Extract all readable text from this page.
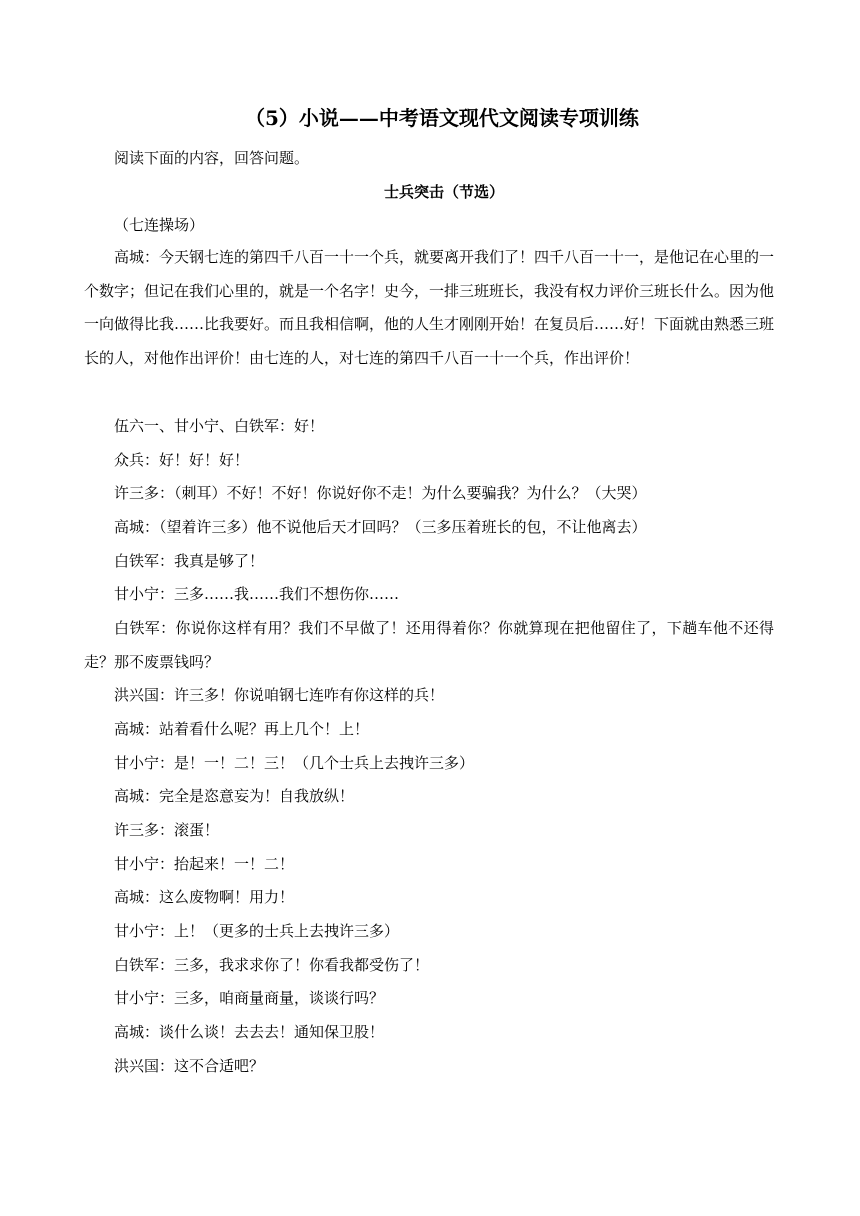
（5）小说——中考语文现代文阅读专项训练
阅读下面的内容，回答问题。
士兵突击（节选）
（七连操场）
高城：今天钢七连的第四千八百一十一个兵，就要离开我们了！四千八百一十一，是他记在心里的一个数字；但记在我们心里的，就是一个名字！史今，一排三班班长，我没有权力评价三班长什么。因为他一向做得比我……比我要好。而且我相信啊，他的人生才刚刚开始！在复员后……好！下面就由熟悉三班长的人，对他作出评价！由七连的人，对七连的第四千八百一十一个兵，作出评价！
伍六一、甘小宁、白铁军：好！
众兵：好！好！好！
许三多：（刺耳）不好！不好！你说好你不走！为什么要骗我？为什么？（大哭）
高城：（望着许三多）他不说他后天才回吗？（三多压着班长的包，不让他离去）
白铁军：我真是够了！
甘小宁：三多……我……我们不想伤你……
白铁军：你说你这样有用？我们不早做了！还用得着你？你就算现在把他留住了，下趟车他不还得走？那不废票钱吗？
洪兴国：许三多！你说咱钢七连咋有你这样的兵！
高城：站着看什么呢？再上几个！上！
甘小宁：是！一！二！三！（几个士兵上去拽许三多）
高城：完全是恣意妄为！自我放纵！
许三多：滚蛋！
甘小宁：抬起来！一！二！
高城：这么废物啊！用力！
甘小宁：上！（更多的士兵上去拽许三多）
白铁军：三多，我求求你了！你看我都受伤了！
甘小宁：三多，咱商量商量，谈谈行吗？
高城：谈什么谈！去去去！通知保卫股！
洪兴国：这不合适吧？
